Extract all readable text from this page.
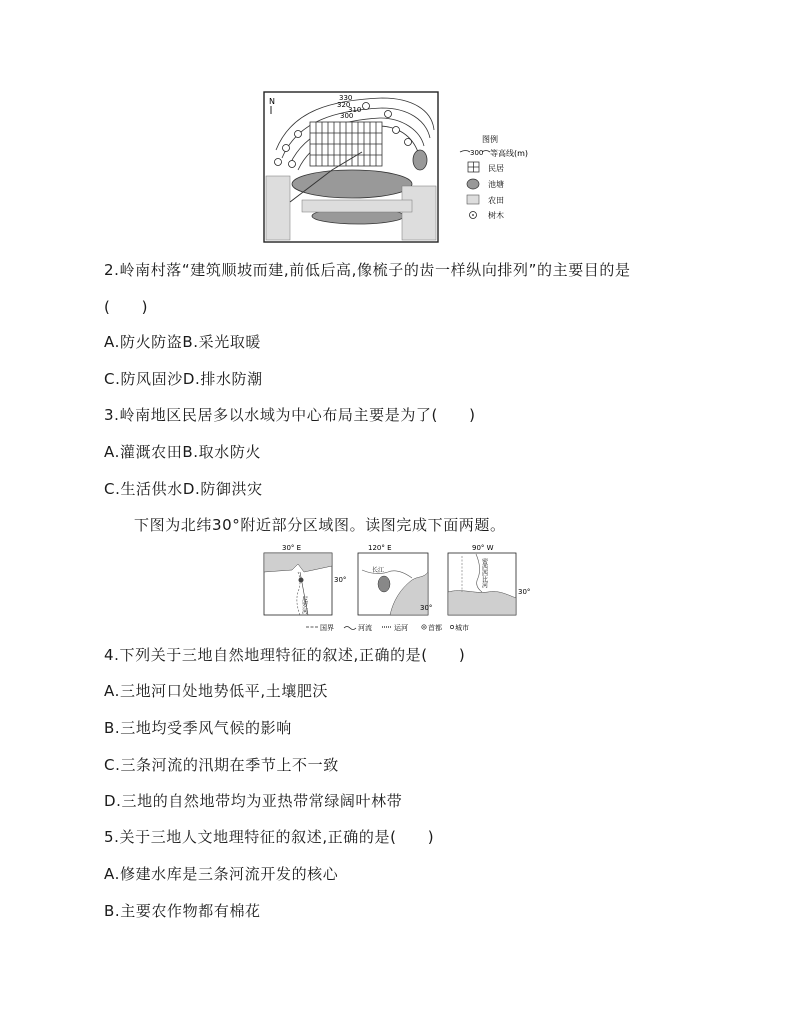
N	330
320
310
300
图例
300 等高线(m)
民居
池塘
农田
树木
2.岭南村落“建筑顺坡而建,前低后高,像梳子的齿一样纵向排列”的主要目的是
(　　)
A.防火防盗B.采光取暖
C.防风固沙D.排水防潮
3.岭南地区民居多以水域为中心布局主要是为了(　　)
A.灌溉农田B.取水防火
C.生活供水D.防御洪灾
下图为北纬30°附近部分区域图。读图完成下面两题。
30° E
尼罗河
30°
120° E
长江
30°
90° W
密西西比河
30°
国界	河流	运河	首都 城市
4.下列关于三地自然地理特征的叙述,正确的是(　　)
A.三地河口处地势低平,土壤肥沃
B.三地均受季风气候的影响
C.三条河流的汛期在季节上不一致
D.三地的自然地带均为亚热带常绿阔叶林带
5.关于三地人文地理特征的叙述,正确的是(　　)
A.修建水库是三条河流开发的核心
B.主要农作物都有棉花
